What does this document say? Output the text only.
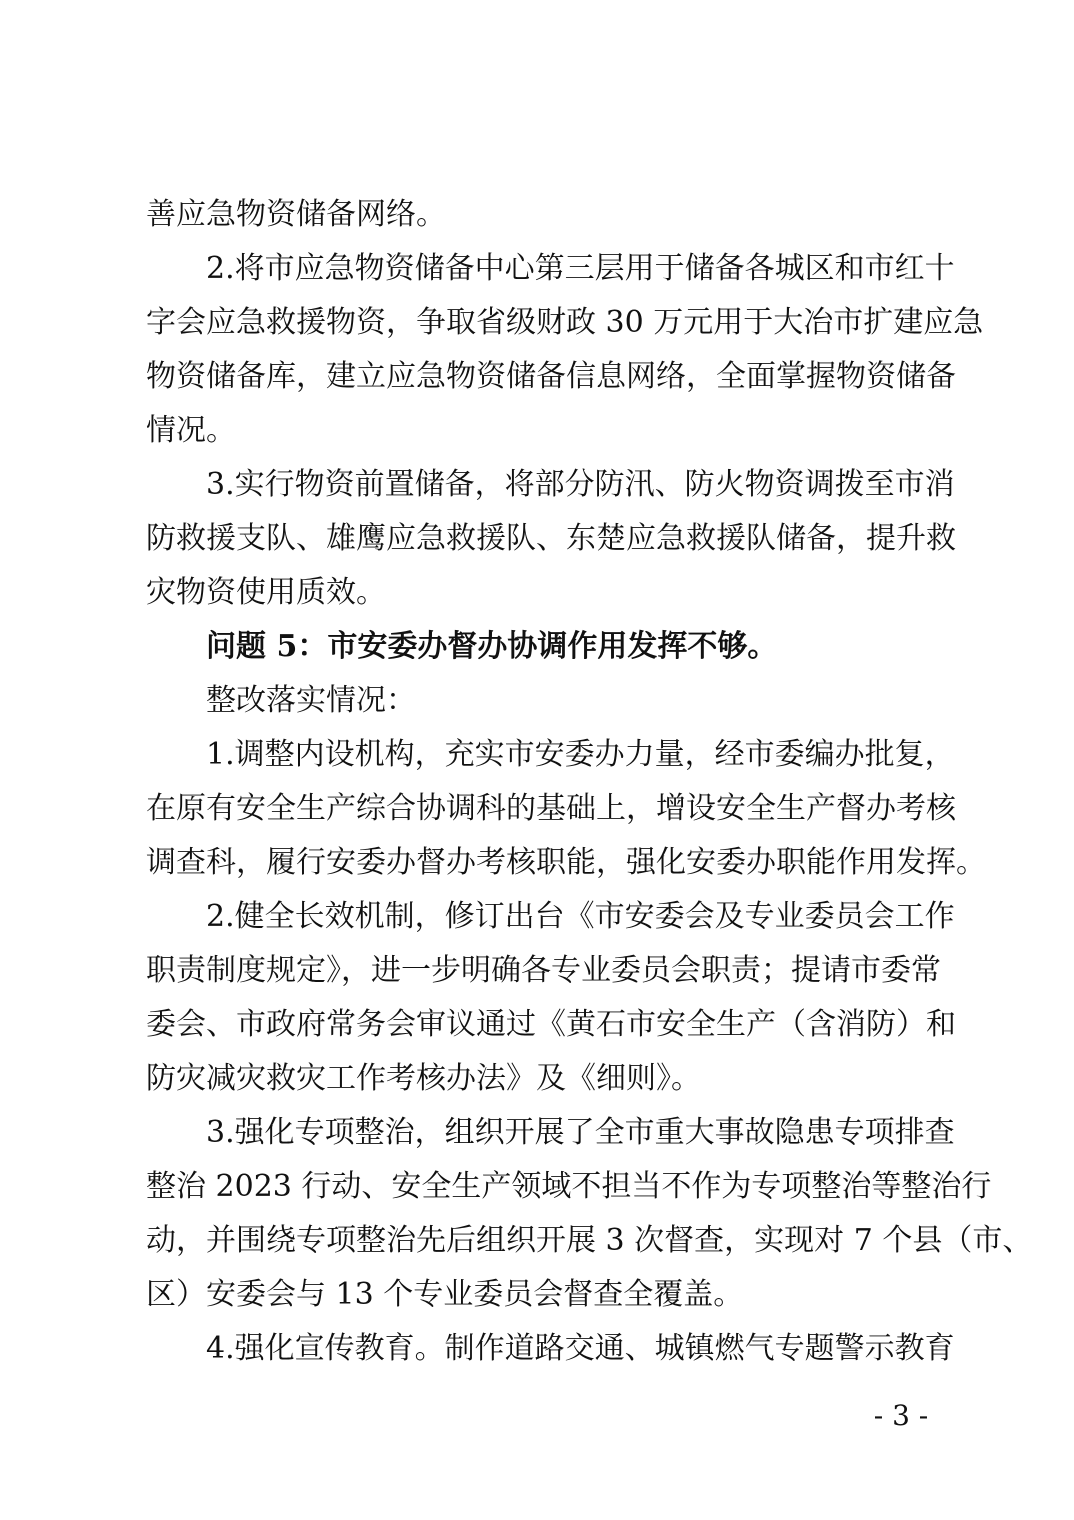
善应急物资储备网络。
2.将市应急物资储备中心第三层用于储备各城区和市红十
字会应急救援物资，争取省级财政 30 万元用于大冶市扩建应急
物资储备库，建立应急物资储备信息网络，全面掌握物资储备
情况。
3.实行物资前置储备，将部分防汛、防火物资调拨至市消
防救援支队、雄鹰应急救援队、东楚应急救援队储备，提升救
灾物资使用质效。
问题 5：市安委办督办协调作用发挥不够。
整改落实情况：
1.调整内设机构，充实市安委办力量，经市委编办批复，
在原有安全生产综合协调科的基础上，增设安全生产督办考核
调查科，履行安委办督办考核职能，强化安委办职能作用发挥。
2.健全长效机制，修订出台《市安委会及专业委员会工作
职责制度规定》，进一步明确各专业委员会职责；提请市委常
委会、市政府常务会审议通过《黄石市安全生产（含消防）和
防灾减灾救灾工作考核办法》及《细则》。
3.强化专项整治，组织开展了全市重大事故隐患专项排查
整治 2023 行动、安全生产领域不担当不作为专项整治等整治行
动，并围绕专项整治先后组织开展 3 次督查，实现对 7 个县（市、
区）安委会与 13 个专业委员会督查全覆盖。
4.强化宣传教育。制作道路交通、城镇燃气专题警示教育
- 3 -
